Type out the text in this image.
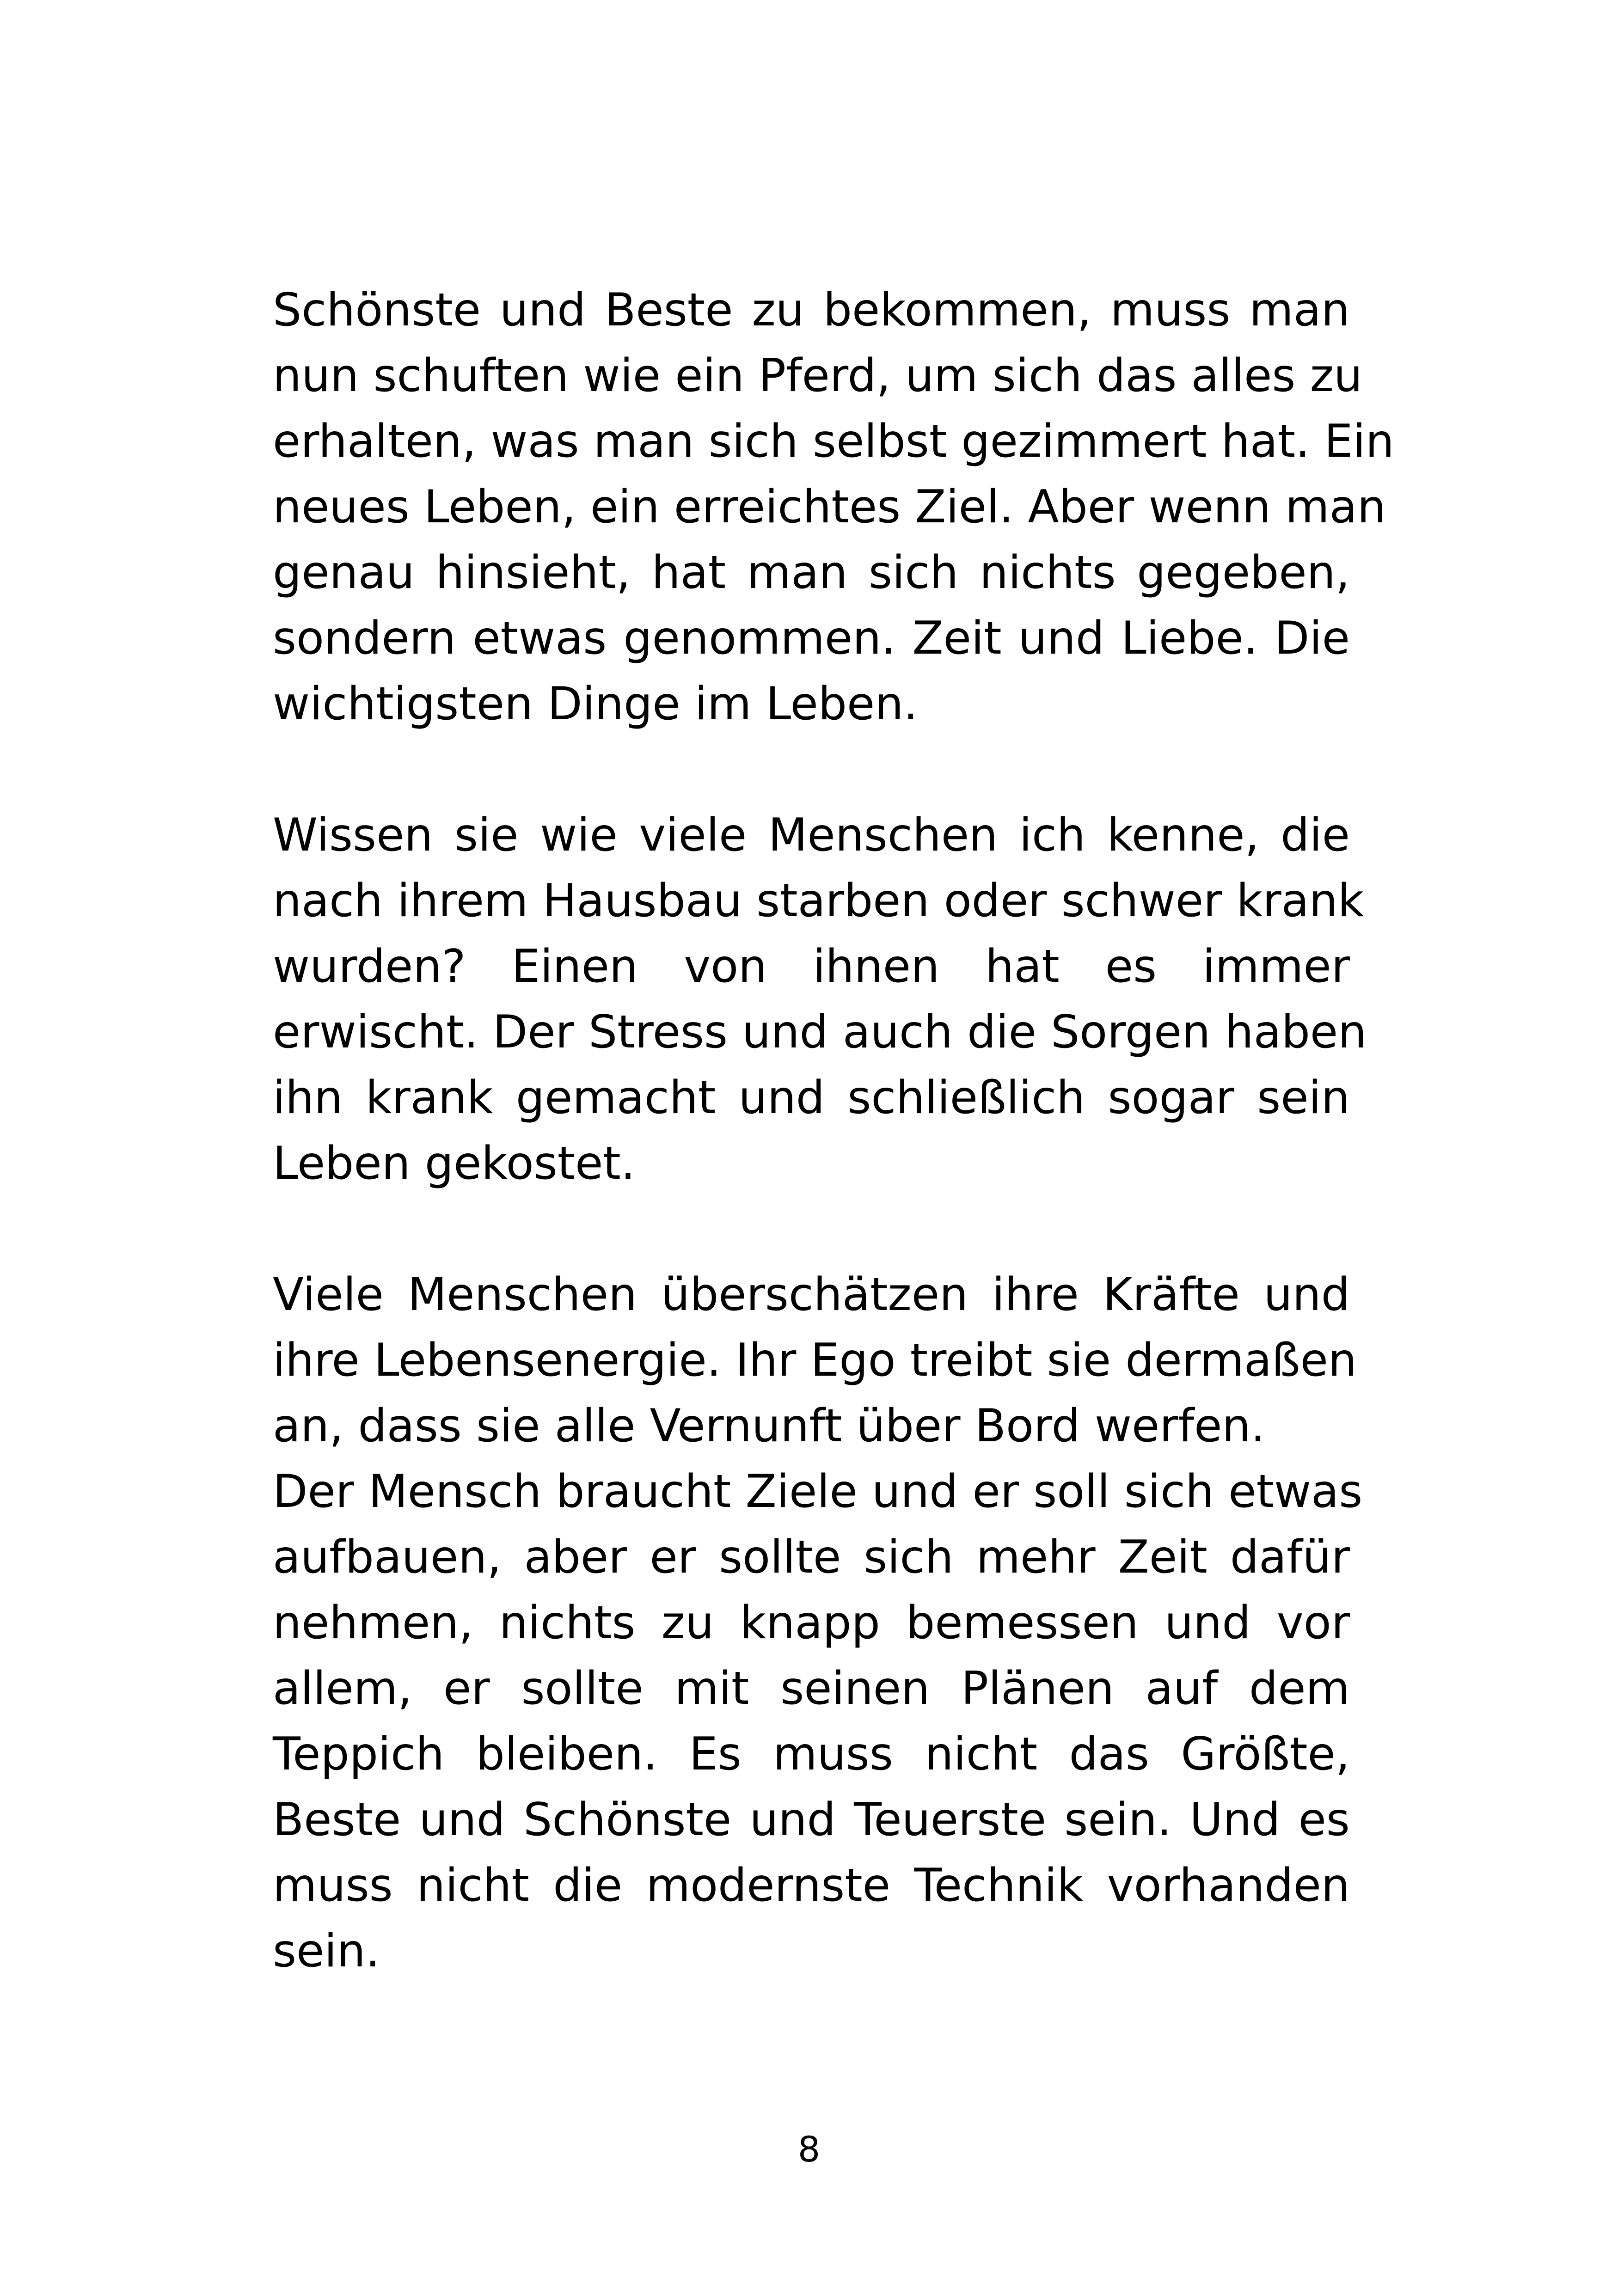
Schönste und Beste zu bekommen, muss man
nun schuften wie ein Pferd, um sich das alles zu
erhalten, was man sich selbst gezimmert hat. Ein
neues Leben, ein erreichtes Ziel. Aber wenn man
genau hinsieht, hat man sich nichts gegeben,
sondern etwas genommen. Zeit und Liebe. Die
wichtigsten Dinge im Leben.
Wissen sie wie viele Menschen ich kenne, die
nach ihrem Hausbau starben oder schwer krank
wurden? Einen von ihnen hat es immer
erwischt. Der Stress und auch die Sorgen haben
ihn krank gemacht und schließlich sogar sein
Leben gekostet.
Viele Menschen überschätzen ihre Kräfte und
ihre Lebensenergie. Ihr Ego treibt sie dermaßen
an, dass sie alle Vernunft über Bord werfen.
Der Mensch braucht Ziele und er soll sich etwas
aufbauen, aber er sollte sich mehr Zeit dafür
nehmen, nichts zu knapp bemessen und vor
allem, er sollte mit seinen Plänen auf dem
Teppich bleiben. Es muss nicht das Größte,
Beste und Schönste und Teuerste sein. Und es
muss nicht die modernste Technik vorhanden
sein.
8
